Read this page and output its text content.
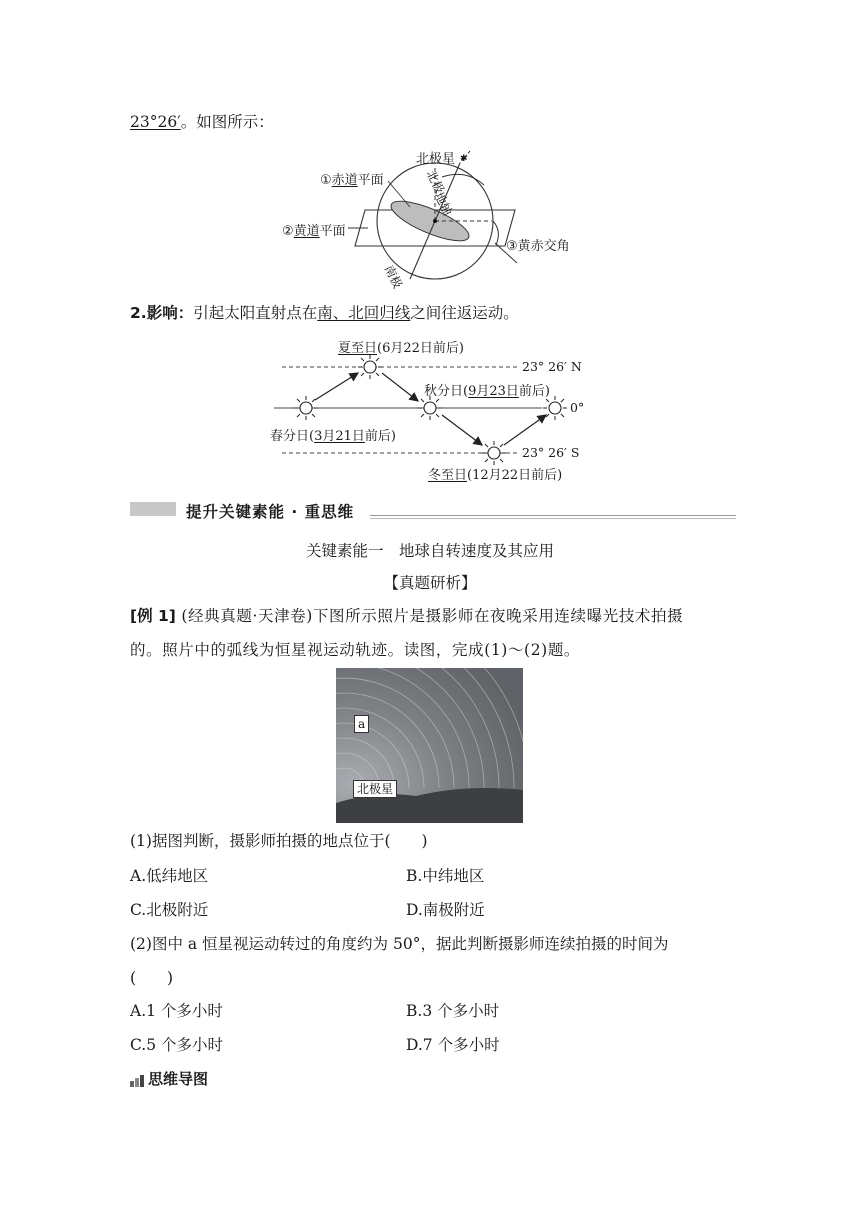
23°26′。如图所示：
✱
北极星
北极
地轴
南极
①赤道平面
②黄道平面
③黄赤交角
2.影响：引起太阳直射点在南、北回归线之间往返运动。
夏至日(6月22日前后)
秋分日(9月23日前后)
春分日(3月21日前后)
冬至日(12月22日前后)
23° 26′ N
0°
23° 26′ S
提升关键素能 · 重思维
关键素能一　地球自转速度及其应用
【真题研析】
[例 1] (经典真题·天津卷)下图所示照片是摄影师在夜晚采用连续曝光技术拍摄
的。照片中的弧线为恒星视运动轨迹。读图，完成(1)～(2)题。
a
北极星
(1)据图判断，摄影师拍摄的地点位于(　　)
A.低纬地区	B.中纬地区
C.北极附近	D.南极附近
(2)图中 a 恒星视运动转过的角度约为 50°，据此判断摄影师连续拍摄的时间为
(　　)
A.1 个多小时	B.3 个多小时
C.5 个多小时	D.7 个多小时
思维导图
